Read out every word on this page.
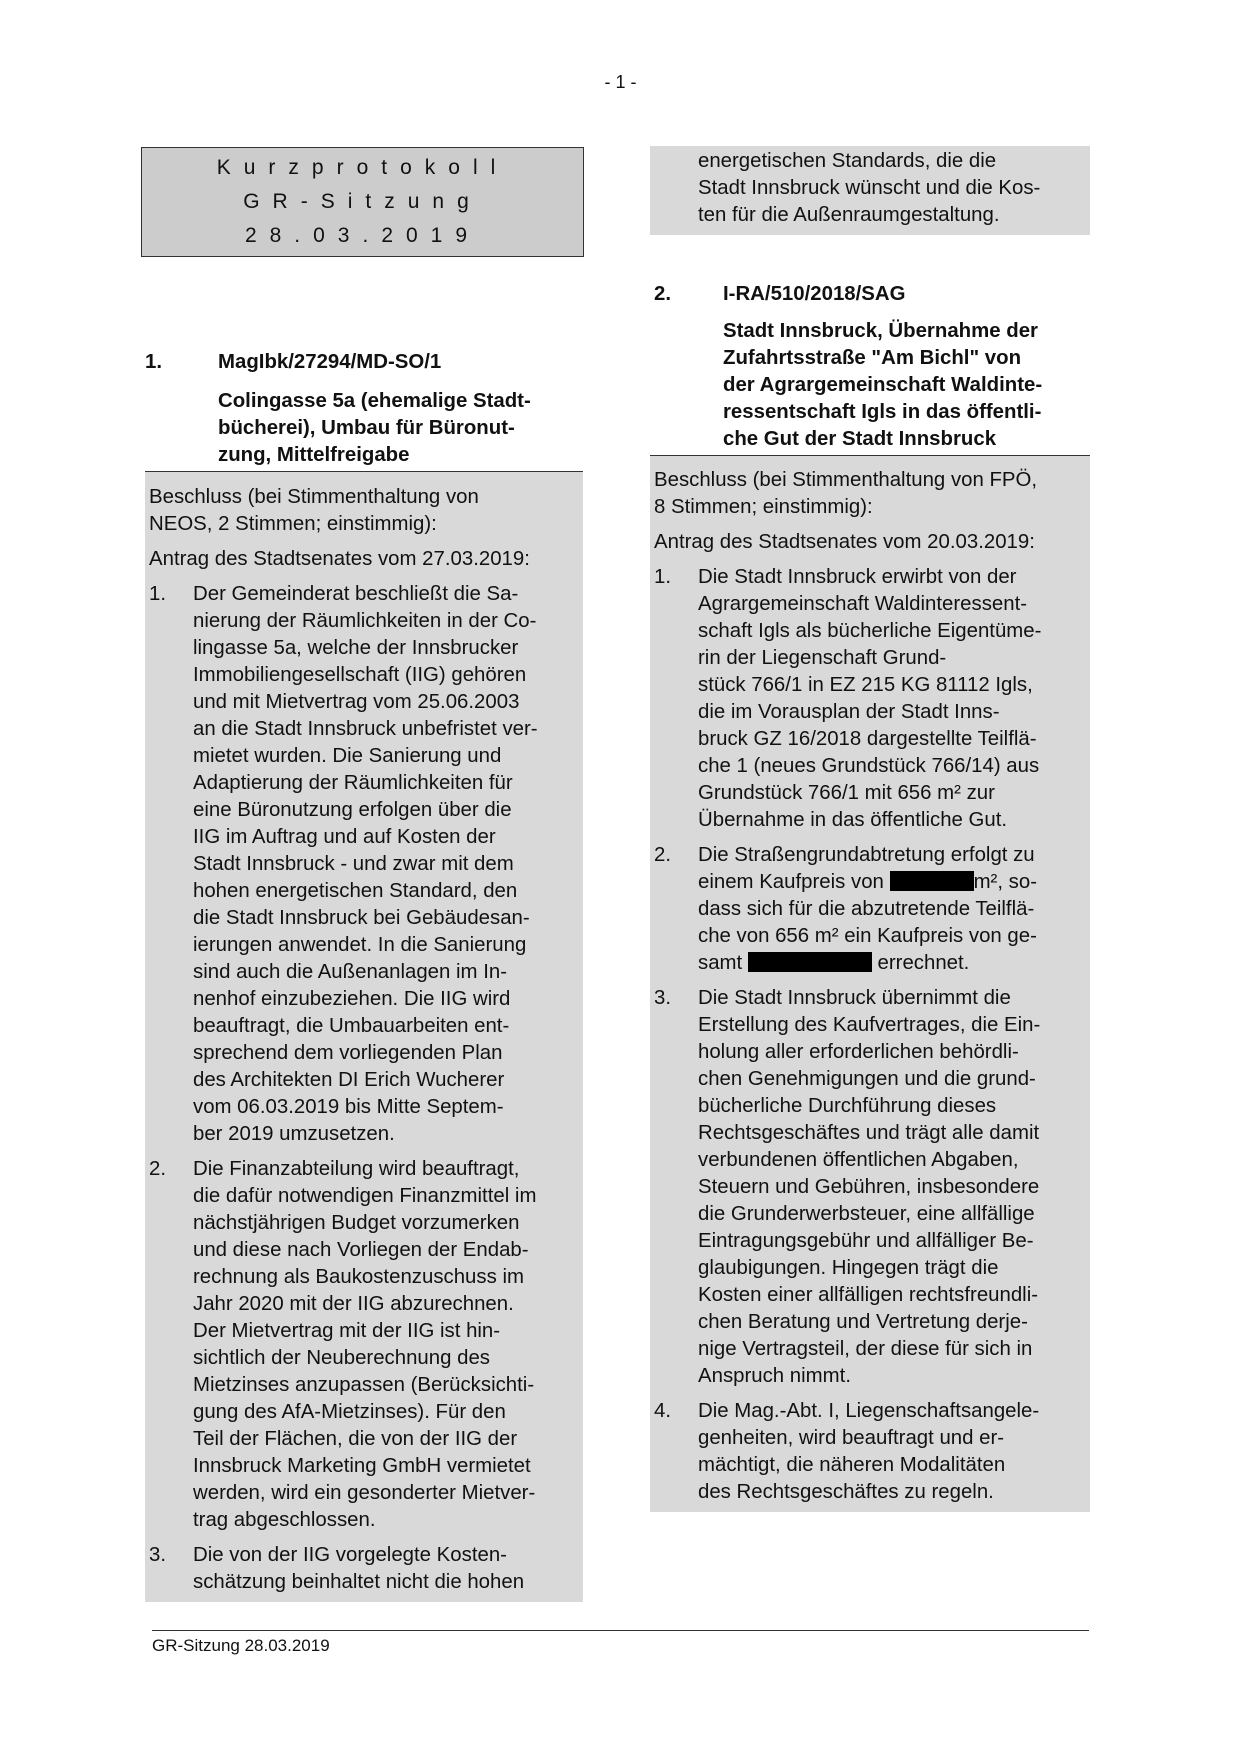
- 1 -
Kurzprotokoll
GR-Sitzung
28.03.2019
1.	MagIbk/27294/MD-SO/1
Colingasse 5a (ehemalige Stadt-
bücherei), Umbau für Büronut-
zung, Mittelfreigabe
Beschluss (bei Stimmenthaltung von
NEOS, 2 Stimmen; einstimmig):
Antrag des Stadtsenates vom 27.03.2019:
1.	Der Gemeinderat beschließt die Sa-
nierung der Räumlichkeiten in der Co-
lingasse 5a, welche der Innsbrucker
Immobiliengesellschaft (IIG) gehören
und mit Mietvertrag vom 25.06.2003
an die Stadt Innsbruck unbefristet ver-
mietet wurden. Die Sanierung und
Adaptierung der Räumlichkeiten für
eine Büronutzung erfolgen über die
IIG im Auftrag und auf Kosten der
Stadt Innsbruck - und zwar mit dem
hohen energetischen Standard, den
die Stadt Innsbruck bei Gebäudesan-
ierungen anwendet. In die Sanierung
sind auch die Außenanlagen im In-
nenhof einzubeziehen. Die IIG wird
beauftragt, die Umbauarbeiten ent-
sprechend dem vorliegenden Plan
des Architekten DI Erich Wucherer
vom 06.03.2019 bis Mitte Septem-
ber 2019 umzusetzen.
2.	Die Finanzabteilung wird beauftragt,
die dafür notwendigen Finanzmittel im
nächstjährigen Budget vorzumerken
und diese nach Vorliegen der Endab-
rechnung als Baukostenzuschuss im
Jahr 2020 mit der IIG abzurechnen.
Der Mietvertrag mit der IIG ist hin-
sichtlich der Neuberechnung des
Mietzinses anzupassen (Berücksichti-
gung des AfA-Mietzinses). Für den
Teil der Flächen, die von der IIG der
Innsbruck Marketing GmbH vermietet
werden, wird ein gesonderter Mietver-
trag abgeschlossen.
3.	Die von der IIG vorgelegte Kosten-
schätzung beinhaltet nicht die hohen
energetischen Standards, die die
Stadt Innsbruck wünscht und die Kos-
ten für die Außenraumgestaltung.
2.	I-RA/510/2018/SAG
Stadt Innsbruck, Übernahme der
Zufahrtsstraße "Am Bichl" von
der Agrargemeinschaft Waldinte-
ressentschaft Igls in das öffentli-
che Gut der Stadt Innsbruck
Beschluss (bei Stimmenthaltung von FPÖ,
8 Stimmen; einstimmig):
Antrag des Stadtsenates vom 20.03.2019:
1.	Die Stadt Innsbruck erwirbt von der
Agrargemeinschaft Waldinteressent-
schaft Igls als bücherliche Eigentüme-
rin der Liegenschaft Grund-
stück 766/1 in EZ 215 KG 81112 Igls,
die im Vorausplan der Stadt Inns-
bruck GZ 16/2018 dargestellte Teilflä-
che 1 (neues Grundstück 766/14) aus
Grundstück 766/1 mit 656 m² zur
Übernahme in das öffentliche Gut.
2.	Die Straßengrundabtretung erfolgt zu
einem Kaufpreis von	m², so-
dass sich für die abzutretende Teilflä-
che von 656 m² ein Kaufpreis von ge-
samt	errechnet.
3.	Die Stadt Innsbruck übernimmt die
Erstellung des Kaufvertrages, die Ein-
holung aller erforderlichen behördli-
chen Genehmigungen und die grund-
bücherliche Durchführung dieses
Rechtsgeschäftes und trägt alle damit
verbundenen öffentlichen Abgaben,
Steuern und Gebühren, insbesondere
die Grunderwerbsteuer, eine allfällige
Eintragungsgebühr und allfälliger Be-
glaubigungen. Hingegen trägt die
Kosten einer allfälligen rechtsfreundli-
chen Beratung und Vertretung derje-
nige Vertragsteil, der diese für sich in
Anspruch nimmt.
4.	Die Mag.-Abt. I, Liegenschaftsangele-
genheiten, wird beauftragt und er-
mächtigt, die näheren Modalitäten
des Rechtsgeschäftes zu regeln.
GR-Sitzung 28.03.2019
